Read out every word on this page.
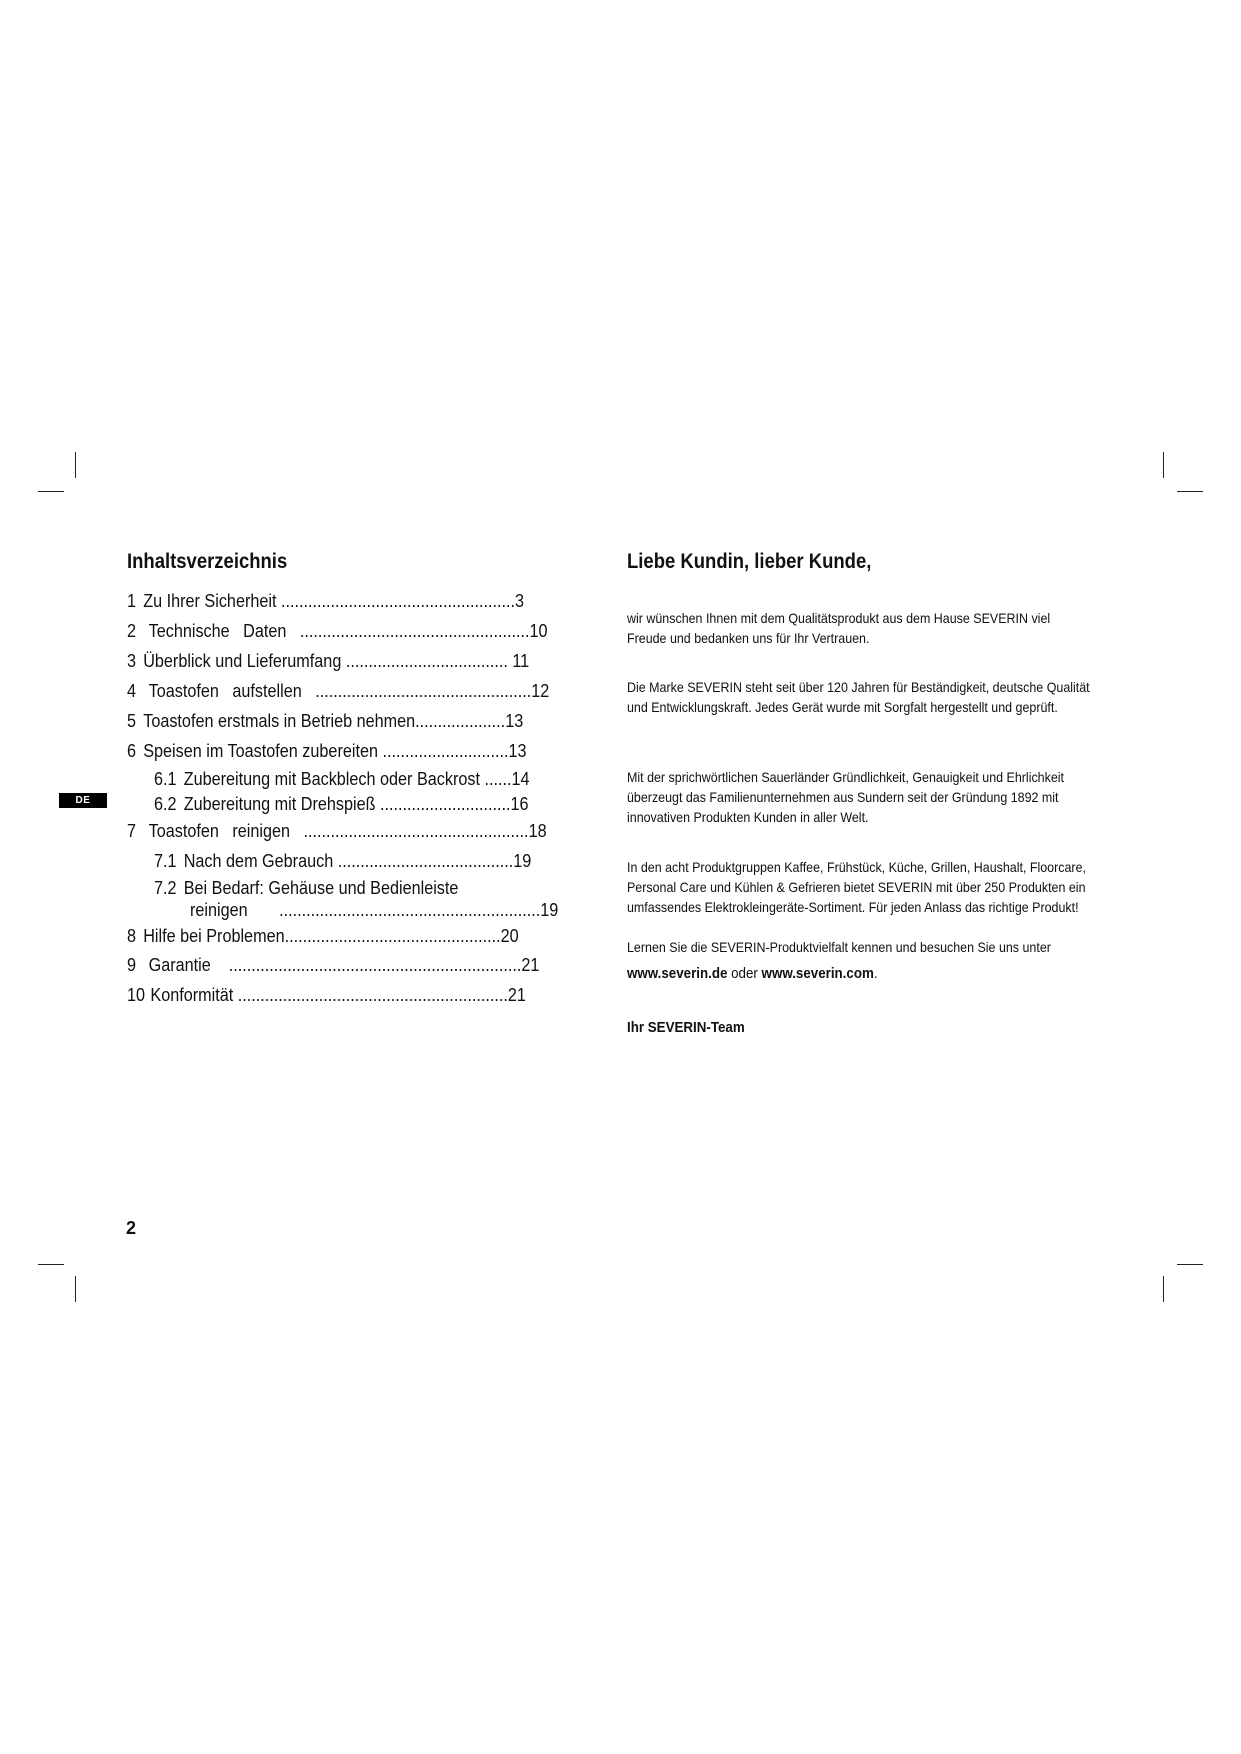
DE
Inhaltsverzeichnis
1 Zu Ihrer Sicherheit ....................................................3
2 Technische   Daten   ...................................................10
3 Überblick und Lieferumfang .................................... 11
4 Toastofen   aufstellen   ................................................12
5 Toastofen erstmals in Betrieb nehmen....................13
6 Speisen im Toastofen zubereiten ............................13
6.1 Zubereitung mit Backblech oder Backrost ......14
6.2 Zubereitung mit Drehspieß .............................16
7 Toastofen   reinigen   ..................................................18
7.1 Nach dem Gebrauch .......................................19
7.2 Bei Bedarf: Gehäuse und Bedienleiste
reinigen       ..........................................................19
8 Hilfe bei Problemen................................................20
9 Garantie    .................................................................21
10 Konformität ............................................................21
Liebe Kundin, lieber Kunde,
wir wünschen Ihnen mit dem Qualitätsprodukt aus dem Hause SEVERIN viel Freude und bedanken uns für Ihr Vertrauen.
Die Marke SEVERIN steht seit über 120 Jahren für Beständigkeit, deutsche Qualität und Entwicklungskraft. Jedes Gerät wurde mit Sorgfalt hergestellt und geprüft.
Mit der sprichwörtlichen Sauerländer Gründlichkeit, Genauigkeit und Ehrlichkeit überzeugt das Familienunternehmen aus Sundern seit der Gründung 1892 mit innovativen Produkten Kunden in aller Welt.
In den acht Produktgruppen Kaffee, Frühstück, Küche, Grillen, Haushalt, Floorcare, Personal Care und Kühlen & Gefrieren bietet SEVERIN mit über 250 Produkten ein umfassendes Elektrokleingeräte-Sortiment. Für jeden Anlass das richtige Produkt!
Lernen Sie die SEVERIN-Produktvielfalt kennen und besuchen Sie uns unter
www.severin.de oder www.severin.com.
Ihr SEVERIN-Team
2
